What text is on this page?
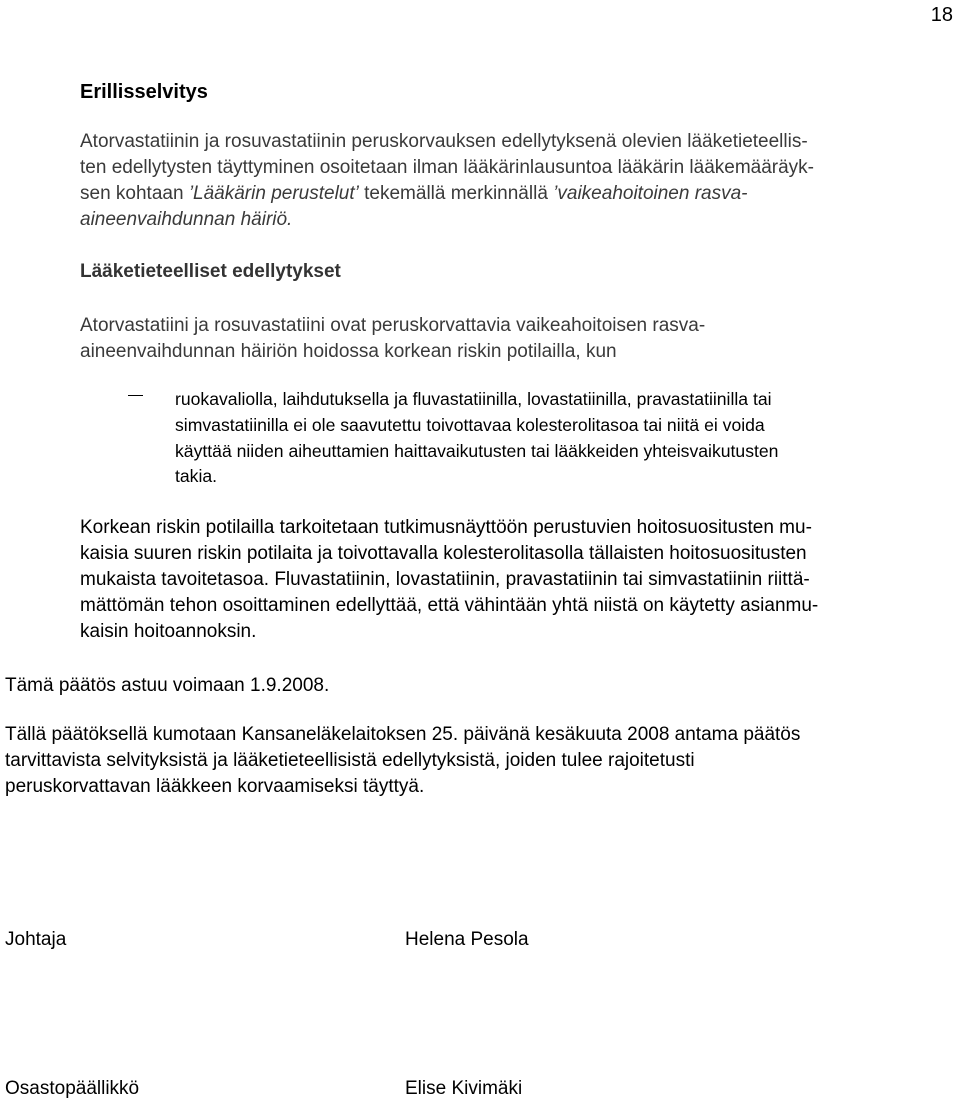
18
Erillisselvitys

Atorvastatiinin ja rosuvastatiinin peruskorvauksen edellytyksenä olevien lääketieteellis-
ten edellytysten täyttyminen osoitetaan ilman lääkärinlausuntoa lääkärin lääkemääräyk-
sen kohtaan ’Lääkärin perustelut’ tekemällä merkinnällä ’vaikeahoitoinen rasva-
aineenvaihdunnan häiriö.

Lääketieteelliset edellytykset

Atorvastatiini ja rosuvastatiini ovat peruskorvattavia vaikeahoitoisen rasva-
aineenvaihdunnan häiriön hoidossa korkean riskin potilailla, kun

ruokavaliolla, laihdutuksella ja fluvastatiinilla, lovastatiinilla, pravastatiinilla tai
simvastatiinilla ei ole saavutettu toivottavaa kolesterolitasoa tai niitä ei voida
käyttää niiden aiheuttamien haittavaikutusten tai lääkkeiden yhteisvaikutusten
takia.

Korkean riskin potilailla tarkoitetaan tutkimusnäyttöön perustuvien hoitosuositusten mu-
kaisia suuren riskin potilaita ja toivottavalla kolesterolitasolla tällaisten hoitosuositusten
mukaista tavoitetasoa. Fluvastatiinin, lovastatiinin, pravastatiinin tai simvastatiinin riittä-
mättömän tehon osoittaminen edellyttää, että vähintään yhtä niistä on käytetty asianmu-
kaisin hoitoannoksin.

Tämä päätös astuu voimaan 1.9.2008.

Tällä päätöksellä kumotaan Kansaneläkelaitoksen 25. päivänä kesäkuuta 2008 antama päätös
tarvittavista selvityksistä ja lääketieteellisistä edellytyksistä, joiden tulee rajoitetusti
peruskorvattavan lääkkeen korvaamiseksi täyttyä.

Johtaja	Helena Pesola

Osastopäällikkö	Elise Kivimäki
